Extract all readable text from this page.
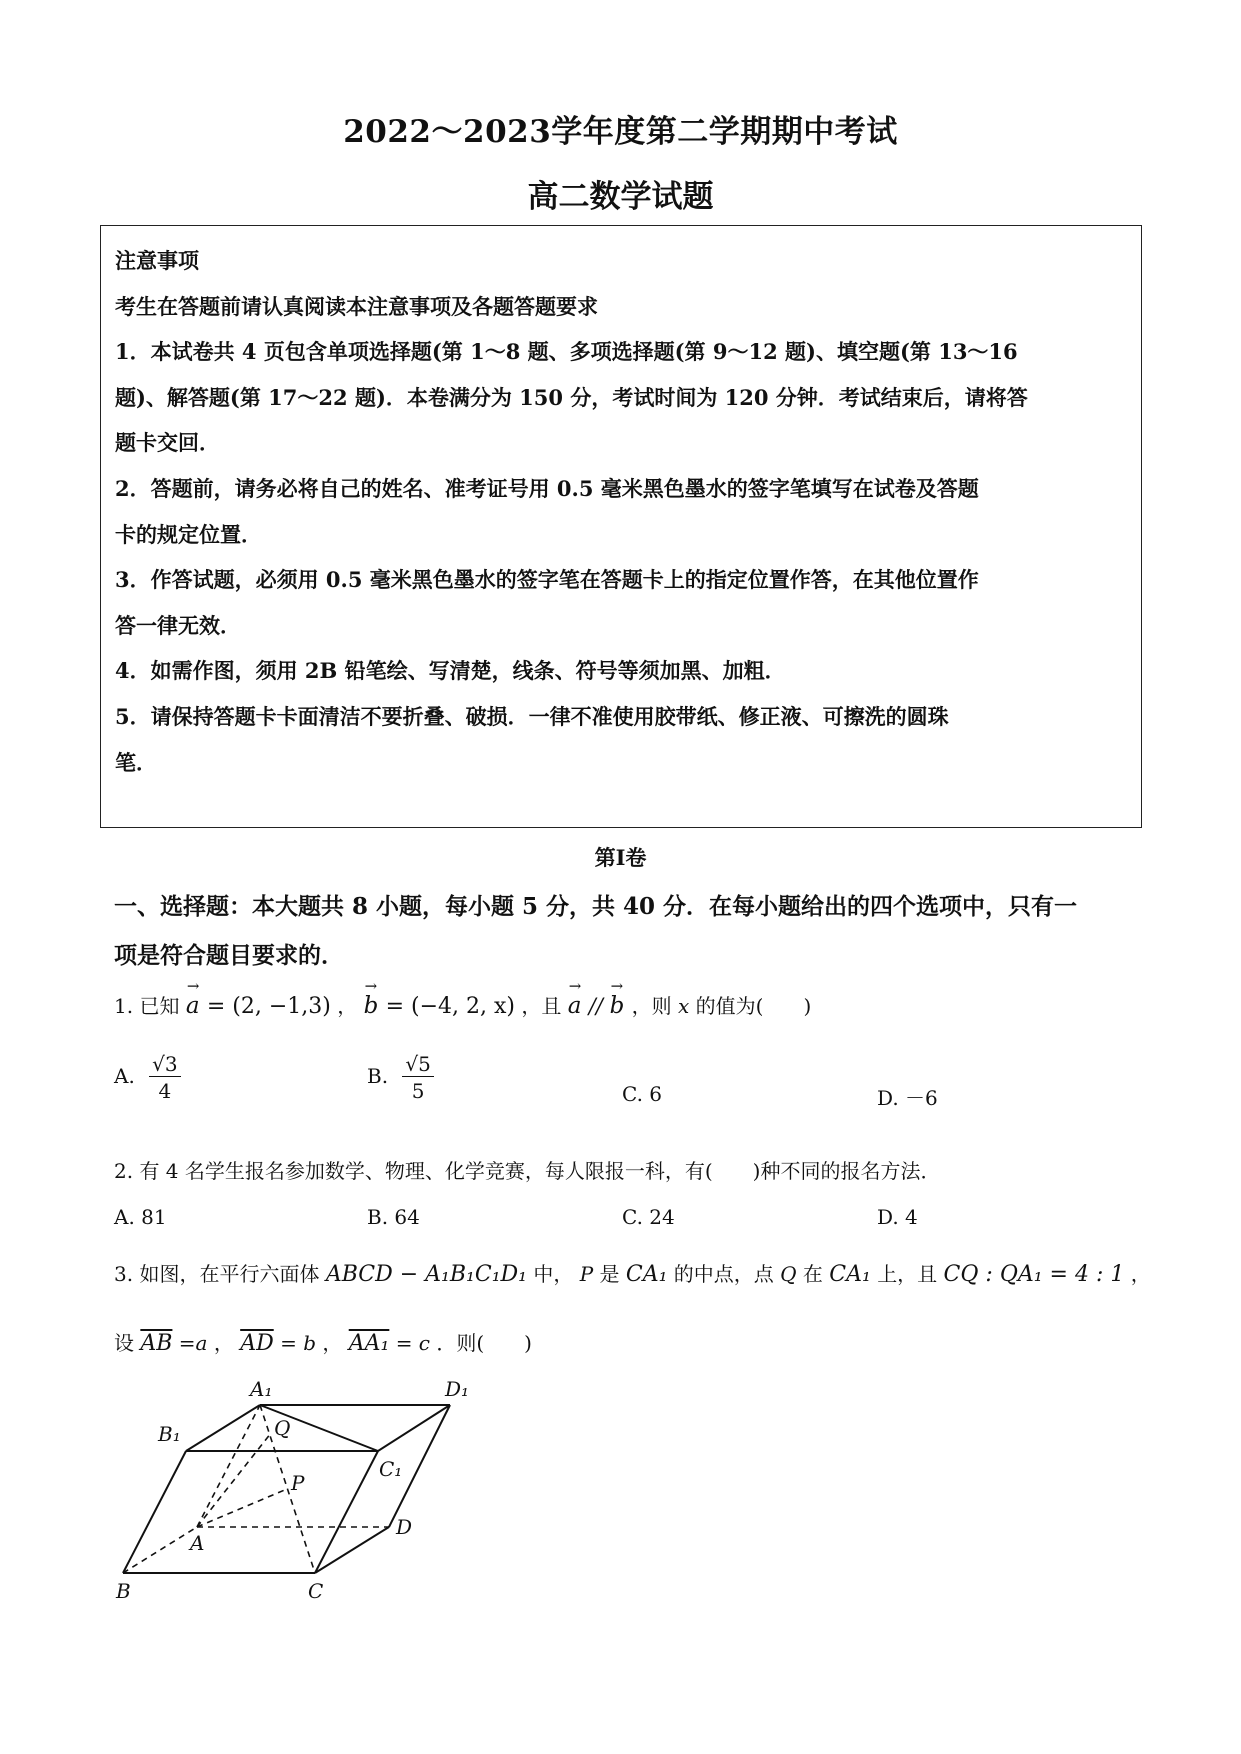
2022～2023学年度第二学期期中考试
高二数学试题
注意事项
考生在答题前请认真阅读本注意事项及各题答题要求
1．本试卷共 4 页包含单项选择题(第 1～8 题、多项选择题(第 9～12 题)、填空题(第 13～16
题)、解答题(第 17～22 题)．本卷满分为 150 分，考试时间为 120 分钟．考试结束后，请将答
题卡交回．
2．答题前，请务必将自己的姓名、准考证号用 0.5 毫米黑色墨水的签字笔填写在试卷及答题
卡的规定位置．
3．作答试题，必须用 0.5 毫米黑色墨水的签字笔在答题卡上的指定位置作答，在其他位置作
答一律无效．
4．如需作图，须用 2B 铅笔绘、写清楚，线条、符号等须加黑、加粗．
5．请保持答题卡卡面清洁不要折叠、破损．一律不准使用胶带纸、修正液、可擦洗的圆珠
笔．
第I卷
一、选择题：本大题共 8 小题，每小题 5 分，共 40 分．在每小题给出的四个选项中，只有一
项是符合题目要求的．
1. 已知
→
a = (2, −1,3) ，
→
b = (−4, 2, x) ，且
→
a //
→
b ，则 x 的值为(　　)
A. $\frac{√3}{4}$	B. $\frac{√5}{5}$	C. 6	D. －6
2. 有 4 名学生报名参加数学、物理、化学竞赛，每人限报一科，有(　　)种不同的报名方法．
A. 81	B. 64	C. 24	D. 4
3. 如图，在平行六面体 ABCD − A₁B₁C₁D₁ 中， P 是 CA₁ 的中点，点 Q 在 CA₁ 上，且 CQ : QA₁ = 4 : 1 ，
设 $\overline{AB} =a$ ， $\overline{AD} = b$ ， AA₁ = c ．则(　　)
A₁	D₁
B₁
C₁
Q
P
A
D
B	C
